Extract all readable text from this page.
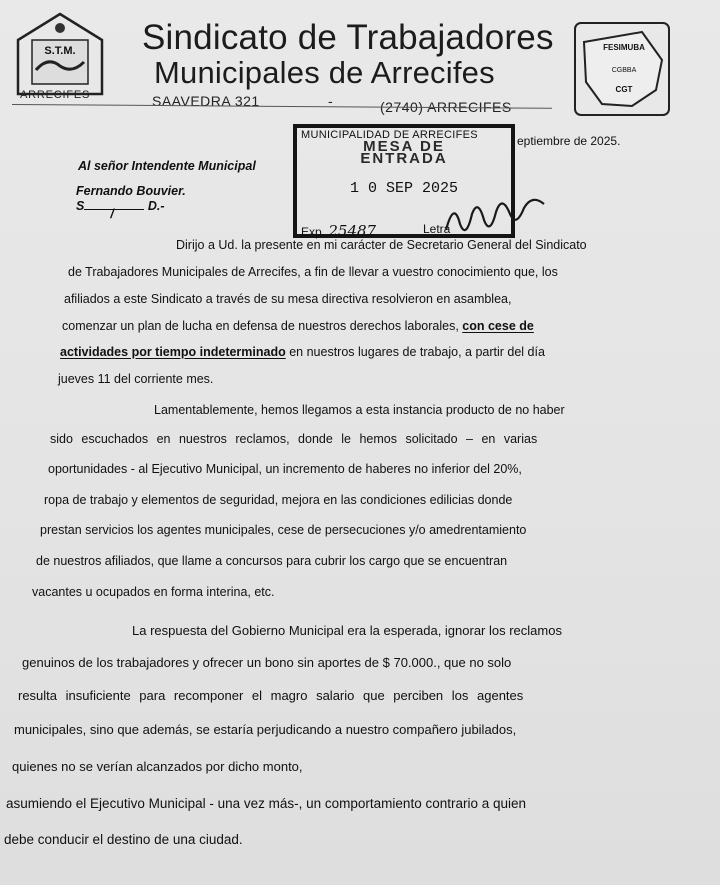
S.T.M.
ARRECIFES
Sindicato de Trabajadores
Municipales de Arrecifes
SAAVEDRA 321	-	(2740) ARRECIFES
FESIMUBA
CGBBA
CGT
MUNICIPALIDAD DE ARRECIFES
MESA DE
ENTRADA
1 0 SEP 2025
Exp. 25487	Letra
eptiembre de 2025.
Al señor Intendente Municipal
Fernando Bouvier.
S
/
D.-
Dirijo a Ud. la presente en mi carácter de Secretario General del Sindicato
de Trabajadores Municipales de Arrecifes, a fin de llevar a vuestro conocimiento que, los
afiliados a este Sindicato a través de su mesa directiva resolvieron en asamblea,
comenzar un plan de lucha en defensa de nuestros derechos laborales, con cese de
actividades por tiempo indeterminado en nuestros lugares de trabajo, a partir del día
jueves 11 del corriente mes.
Lamentablemente, hemos llegamos a esta instancia producto de no haber
sido escuchados en nuestros reclamos, donde le hemos solicitado – en varias
oportunidades - al Ejecutivo Municipal, un incremento de haberes no inferior del 20%,
ropa de trabajo y elementos de seguridad, mejora en las condiciones edilicias donde
prestan servicios los agentes municipales, cese de persecuciones y/o amedrentamiento
de nuestros afiliados, que llame a concursos para cubrir los cargo que se encuentran
vacantes u ocupados en forma interina, etc.
La respuesta del Gobierno Municipal era la esperada, ignorar los reclamos
genuinos de los trabajadores y ofrecer un bono sin aportes de $ 70.000., que no solo
resulta insuficiente para recomponer el magro salario que perciben los agentes
municipales, sino que además, se estaría perjudicando a nuestro compañero jubilados,
quienes no se verían alcanzados por dicho monto,
asumiendo el Ejecutivo Municipal - una vez más-, un comportamiento contrario a quien
debe conducir el destino de una ciudad.
